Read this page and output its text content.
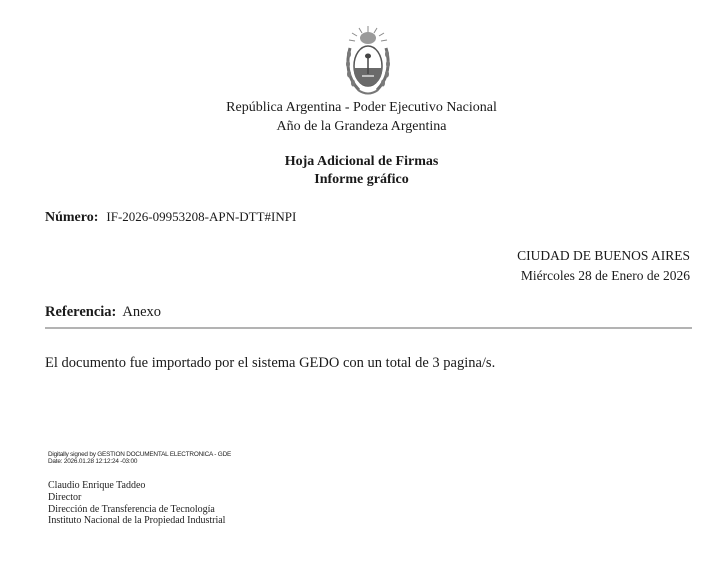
República Argentina - Poder Ejecutivo Nacional
Año de la Grandeza Argentina
Hoja Adicional de Firmas
Informe gráfico
Número: IF-2026-09953208-APN-DTT#INPI
CIUDAD DE BUENOS AIRES
Miércoles 28 de Enero de 2026
Referencia: Anexo
El documento fue importado por el sistema GEDO con un total de 3 pagina/s.
Digitally signed by GESTION DOCUMENTAL ELECTRONICA - GDE
Date: 2026.01.28 12:12:24 -03:00
Claudio Enrique Taddeo
Director
Dirección de Transferencia de Tecnología
Instituto Nacional de la Propiedad Industrial
